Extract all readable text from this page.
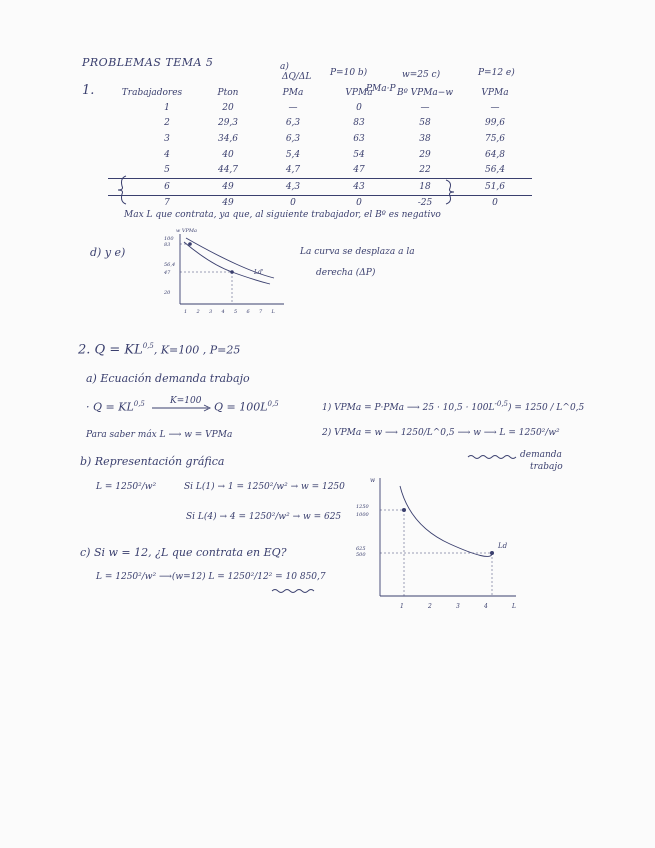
PROBLEMAS TEMA 5
1.
a)
ΔQ/ΔL P=10 b)
PMa·P
w=25 c)	P=12 e)
Trabajadores	Pton	PMa	VPMa	Bº VPMa−w	VPMa
1	20	—	0	—	—
2	29,3	6,3	83	58	99,6
3	34,6	6,3	63	38	75,6
4	40	5,4	54	29	64,8
5	44,7	4,7	47	22	56,4
6	49	4,3	43	18	51,6
7	49	0	0	-25	0
Max L que contrata, ya que, al siguiente trabajador, el Bº es negativo
d) y e)
w VPMa
100
83
56,4
47
20
1 2 3 4 5 6 7 L
Ld'
La curva se desplaza a la
derecha (ΔP)
2. Q = KL$^{0,5}$, K=100 , P=25
a) Ecuación demanda trabajo
· Q = KL$^{0,5}$	K=100 $Q = 100L^{0,5}$
Para saber máx L ⟶ w = VPMa
1) VPMa = P·PMa ⟶ $25 \cdot 10,5 \cdot 100L^{-0,5}) = 1250$ / L^0,5
2) VPMa = w ⟶ 1250/L^0,5 ⟶ w ⟶ L = 1250²/w²
demanda
trabajo
b) Representación gráfica
L = 1250²/w²	Si L(1) → 1 = 1250²/w² → w = 1250
Si L(4) → 4 = 1250²/w² → w = 625
c) Si w = 12, ¿L que contrata en EQ?
L = 1250²/w² ⟶(w=12) L = 1250²/12² = 10 850,7
w
1250
1000
625
500
1	2	3	4	L
Ld
